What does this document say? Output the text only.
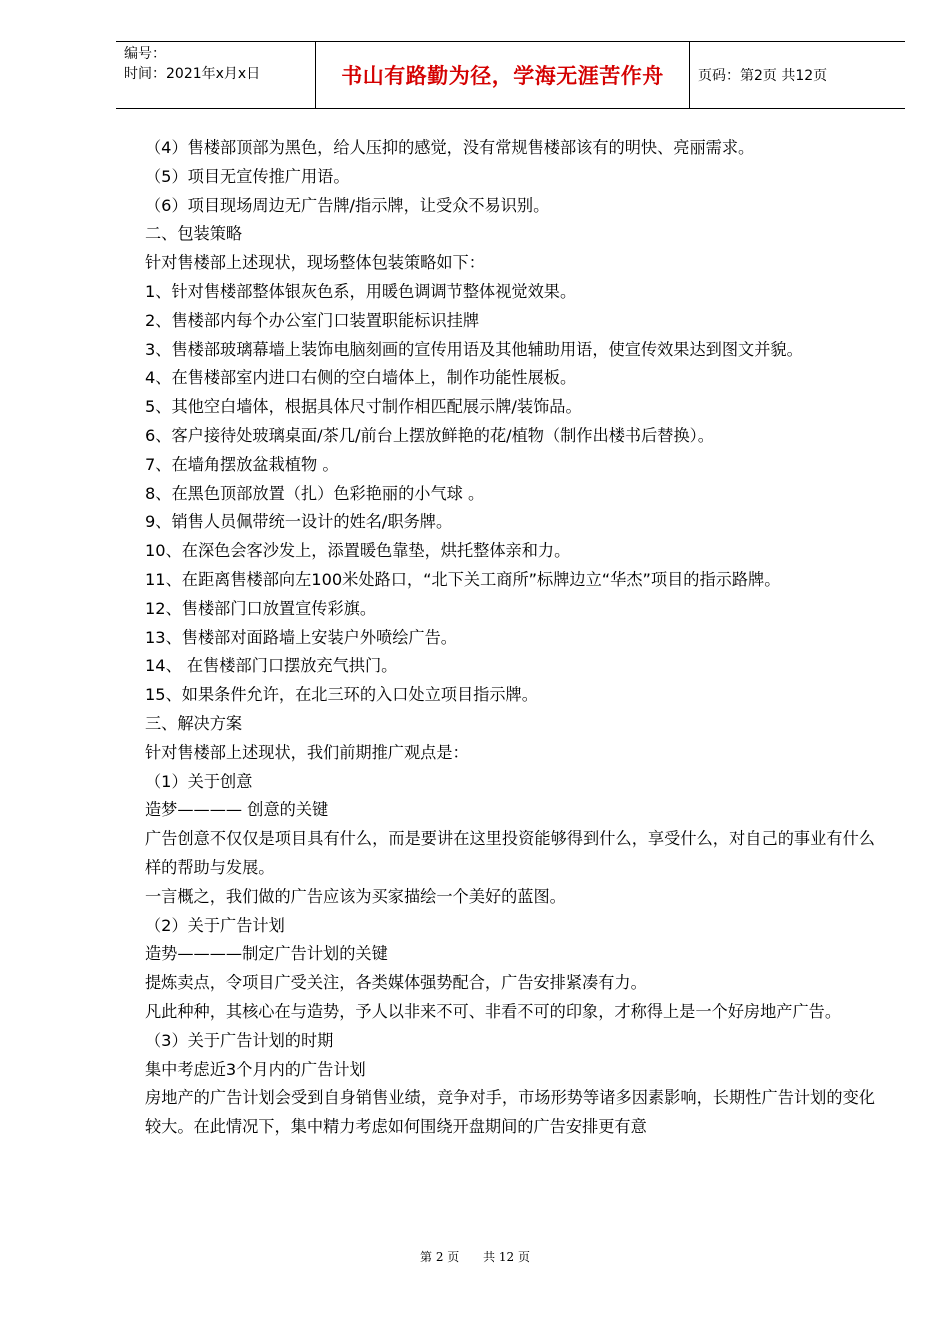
编号：
时间：2021年x月x日	书山有路勤为径，学海无涯苦作舟	页码：第2页 共12页
（4）售楼部顶部为黑色，给人压抑的感觉，没有常规售楼部该有的明快、亮丽需求。
（5）项目无宣传推广用语。
（6）项目现场周边无广告牌/指示牌，让受众不易识别。
二、包装策略
针对售楼部上述现状，现场整体包装策略如下：
1、针对售楼部整体银灰色系，用暖色调调节整体视觉效果。
2、售楼部内每个办公室门口装置职能标识挂牌
3、售楼部玻璃幕墙上装饰电脑刻画的宣传用语及其他辅助用语，使宣传效果达到图文并貌。
4、在售楼部室内进口右侧的空白墙体上，制作功能性展板。
5、其他空白墙体，根据具体尺寸制作相匹配展示牌/装饰品。
6、客户接待处玻璃桌面/茶几/前台上摆放鲜艳的花/植物（制作出楼书后替换）。
7、在墙角摆放盆栽植物 。
8、在黑色顶部放置（扎）色彩艳丽的小气球 。
9、销售人员佩带统一设计的姓名/职务牌。
10、在深色会客沙发上，添置暖色靠垫，烘托整体亲和力。
11、在距离售楼部向左100米处路口，“北下关工商所”标牌边立“华杰”项目的指示路牌。
12、售楼部门口放置宣传彩旗。
13、售楼部对面路墙上安装户外喷绘广告。
14、 在售楼部门口摆放充气拱门。
15、如果条件允许，在北三环的入口处立项目指示牌。
三、解决方案
针对售楼部上述现状，我们前期推广观点是：
（1）关于创意
造梦———— 创意的关键
广告创意不仅仅是项目具有什么，而是要讲在这里投资能够得到什么，享受什么，对自己的事业有什么样的帮助与发展。
一言概之，我们做的广告应该为买家描绘一个美好的蓝图。
（2）关于广告计划
造势————制定广告计划的关键
提炼卖点，令项目广受关注，各类媒体强势配合，广告安排紧凑有力。
凡此种种，其核心在与造势，予人以非来不可、非看不可的印象，才称得上是一个好房地产广告。
（3）关于广告计划的时期
集中考虑近3个月内的广告计划
房地产的广告计划会受到自身销售业绩，竞争对手，市场形势等诸多因素影响，长期性广告计划的变化较大。在此情况下，集中精力考虑如何围绕开盘期间的广告安排更有意
第 2 页 共 12 页
